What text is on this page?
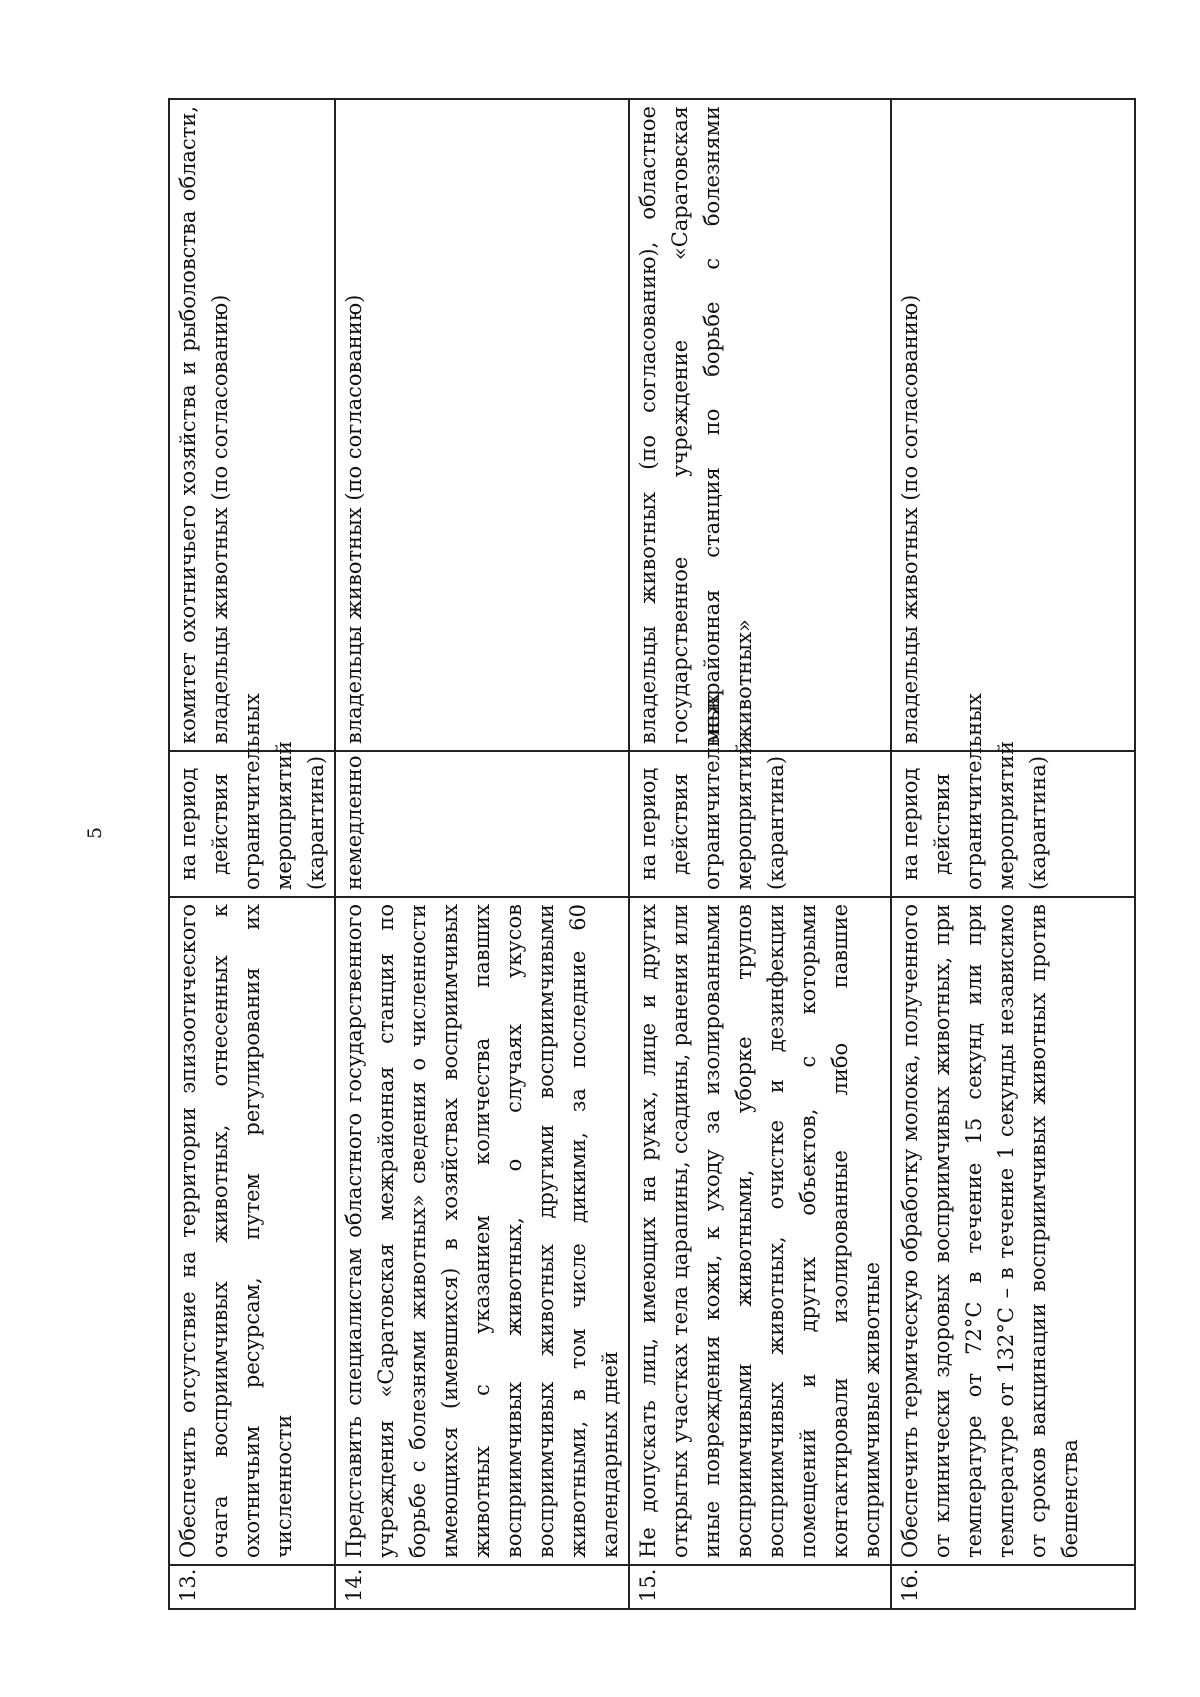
5
13.	Обеспечить отсутствие на территории эпизоотического очага восприимчивых животных, отнесенных к охотничьим ресурсам, путем регулирования их численности	на период действия ограничительных мероприятий (карантина)	комитет охотничьего хозяйства и рыболовства области, владельцы животных (по согласованию)
14.	Представить специалистам областного государственного учреждения «Саратовская межрайонная станция по борьбе с болезнями животных» сведения о численности имеющихся (имевшихся) в хозяйствах восприимчивых животных с указанием количества павших восприимчивых животных, о случаях укусов восприимчивых животных другими восприимчивыми животными, в том числе дикими, за последние 60 календарных дней	немедленно	владельцы животных (по согласованию)
15.	Не допускать лиц, имеющих на руках, лице и других открытых участках тела царапины, ссадины, ранения или иные повреждения кожи, к уходу за изолированными восприимчивыми животными, уборке трупов восприимчивых животных, очистке и дезинфекции помещений и других объектов, с которыми контактировали изолированные либо павшие восприимчивые животные	на период действия ограничительных мероприятий (карантина)	владельцы животных (по согласованию), областное государственное учреждение «Саратовская межрайонная станция по борьбе с болезнями животных»
16.	Обеспечить термическую обработку молока, полученного от клинически здоровых восприимчивых животных, при температуре от 72°С в течение 15 секунд или при температуре от 132°С – в течение 1 секунды независимо от сроков вакцинации восприимчивых животных против бешенства	на период действия ограничительных мероприятий (карантина)	владельцы животных (по согласованию)
